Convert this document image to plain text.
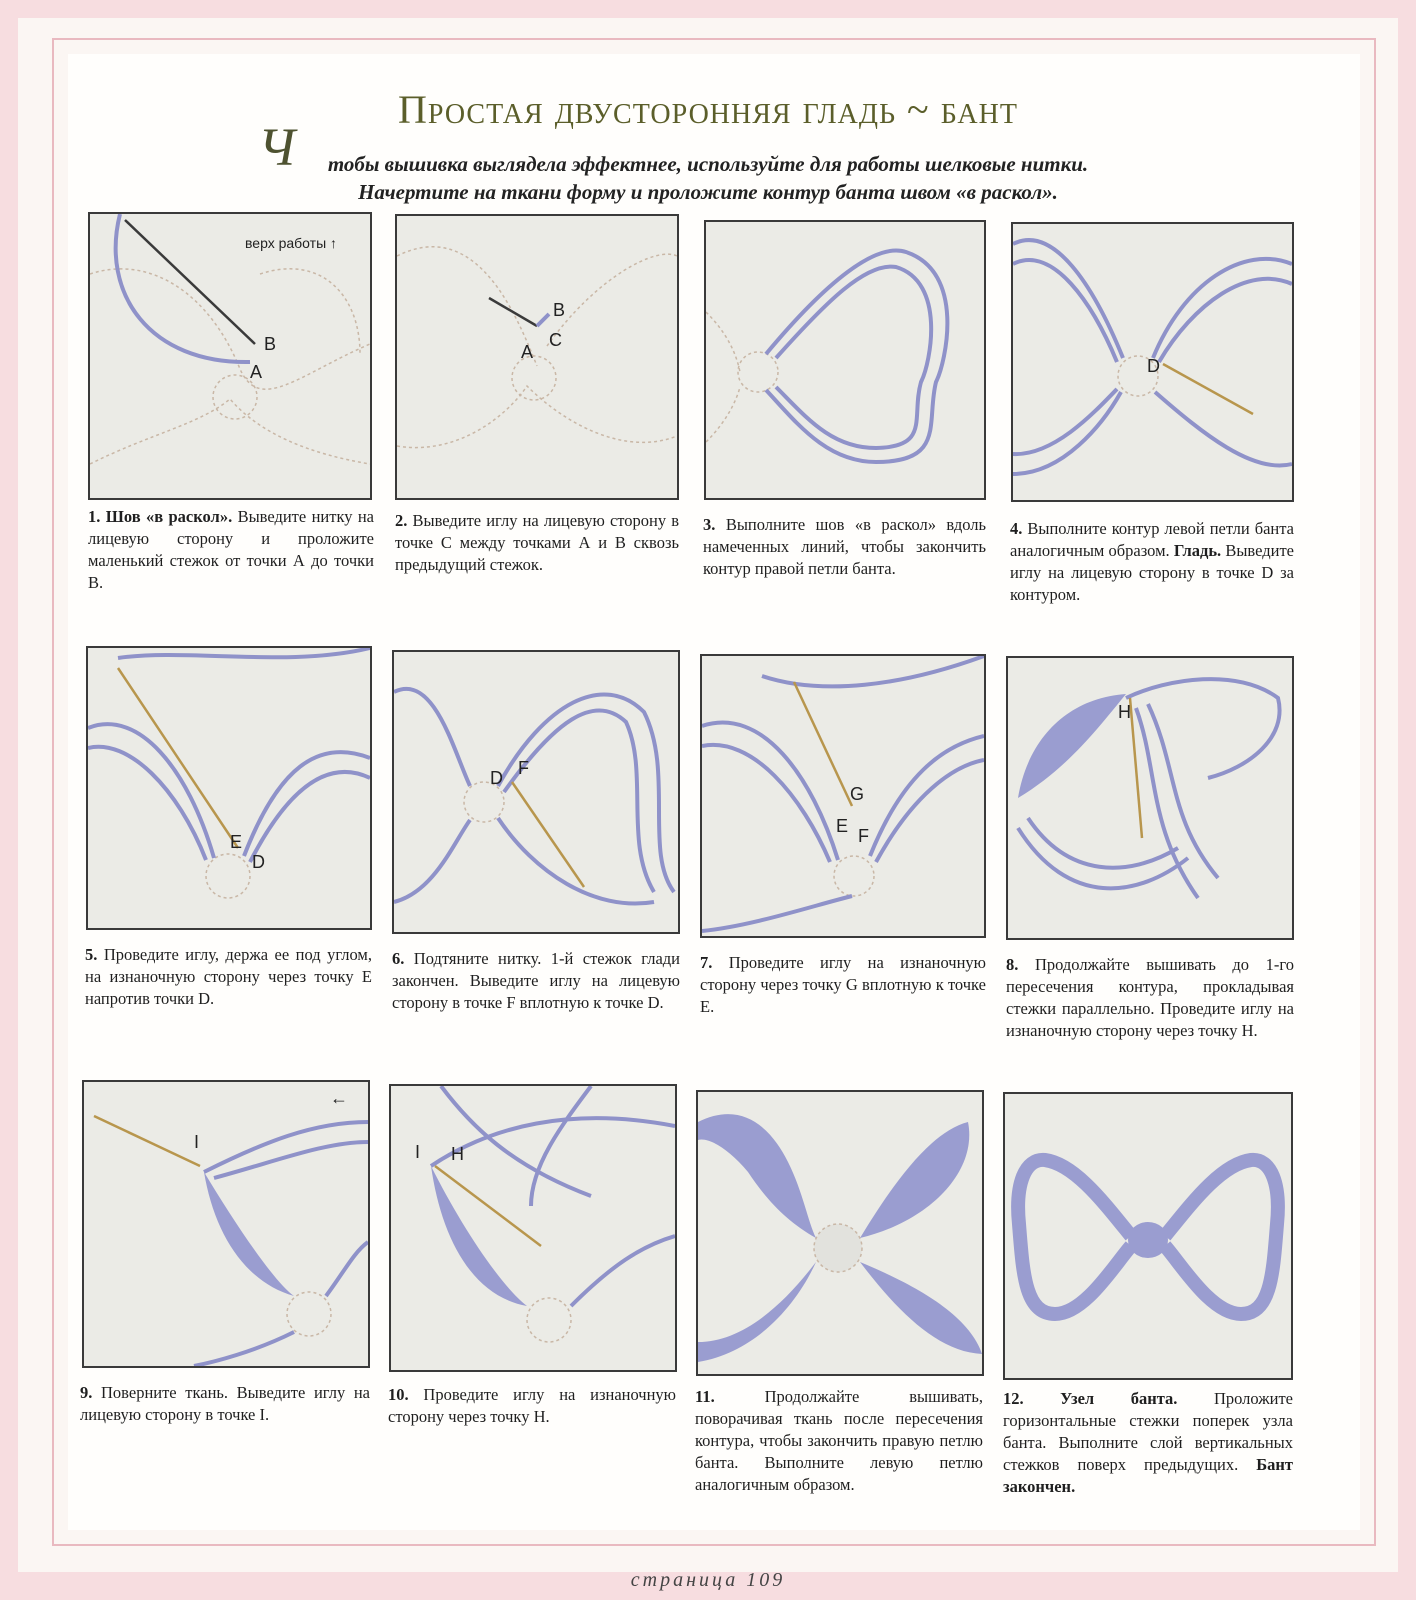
Простая двусторонняя гладь ~ бант
Ч	тобы вышивка выглядела эффектнее, используйте для работы шелковые нитки.
Начертите на ткани форму и проложите контур банта швом «в раскол».
B
A
верх работы ↑
B
C
A
D
1. Шов «в раскол». Выведите нитку на лицевую сторону и проложите маленький стежок от точки А до точки В.
2. Выведите иглу на лицевую сторону в точке С между точками А и В сквозь предыдущий стежок.
3. Выполните шов «в раскол» вдоль намеченных линий, чтобы закончить контур правой петли банта.
4. Выполните контур левой петли банта аналогичным образом. Гладь. Выведите иглу на лицевую сторону в точке D за контуром.
E
D
D F
G
E F
H
5. Проведите иглу, держа ее под углом, на изнаночную сторону через точку Е напротив точки D.
6. Подтяните нитку. 1-й стежок глади закончен. Выведите иглу на лицевую сторону в точке F вплотную к точке D.
7. Проведите иглу на изнаночную сторону через точку G вплотную к точке Е.
8. Продолжайте вышивать до 1-го пересечения контура, прокладывая стежки параллельно. Проведите иглу на изнаночную сторону через точку Н.
I
←
I H
9. Поверните ткань. Выведите иглу на лицевую сторону в точке I.
10. Проведите иглу на изнаночную сторону через точку Н.
11. Продолжайте вышивать, поворачивая ткань после пересечения контура, чтобы закончить правую петлю банта. Выполните левую петлю аналогичным образом.
12. Узел банта. Проложите горизонтальные стежки поперек узла банта. Выполните слой вертикальных стежков поверх предыдущих. Бант закончен.
страница 109
